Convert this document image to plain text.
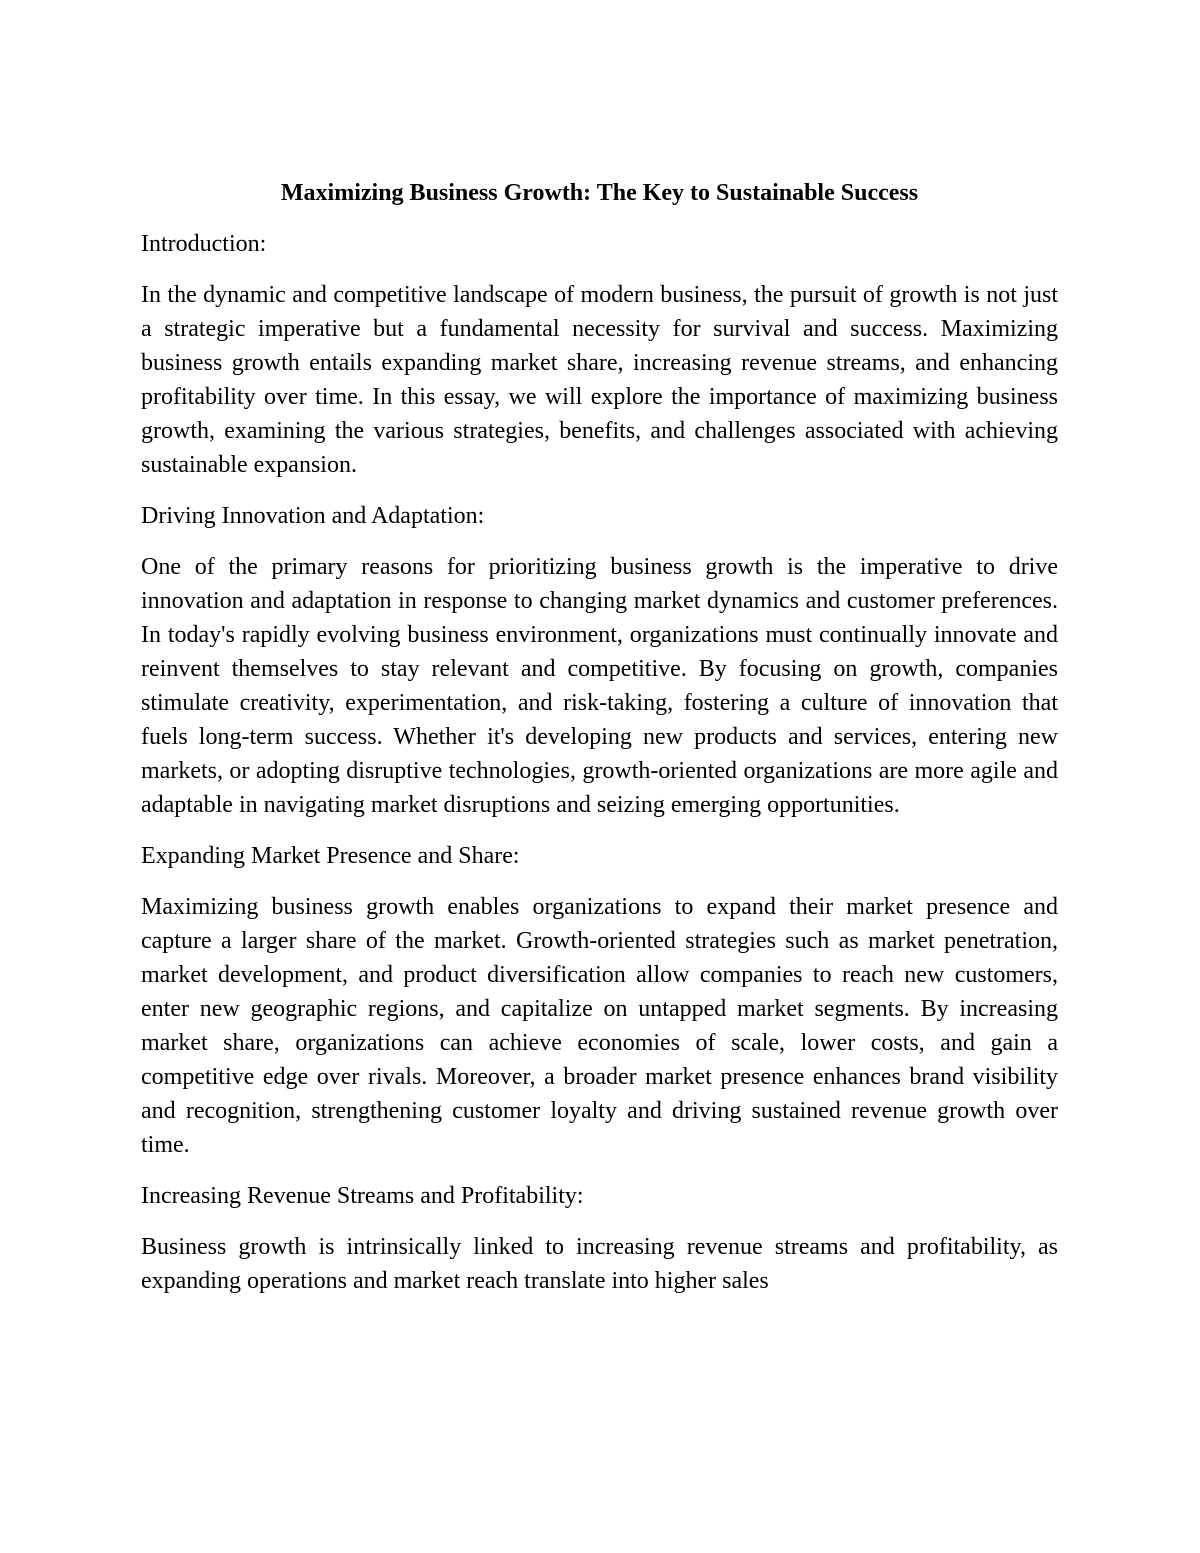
Maximizing Business Growth: The Key to Sustainable Success
Introduction:
In the dynamic and competitive landscape of modern business, the pursuit of growth is not just a strategic imperative but a fundamental necessity for survival and success. Maximizing business growth entails expanding market share, increasing revenue streams, and enhancing profitability over time. In this essay, we will explore the importance of maximizing business growth, examining the various strategies, benefits, and challenges associated with achieving sustainable expansion.
Driving Innovation and Adaptation:
One of the primary reasons for prioritizing business growth is the imperative to drive innovation and adaptation in response to changing market dynamics and customer preferences. In today's rapidly evolving business environment, organizations must continually innovate and reinvent themselves to stay relevant and competitive. By focusing on growth, companies stimulate creativity, experimentation, and risk-taking, fostering a culture of innovation that fuels long-term success. Whether it's developing new products and services, entering new markets, or adopting disruptive technologies, growth-oriented organizations are more agile and adaptable in navigating market disruptions and seizing emerging opportunities.
Expanding Market Presence and Share:
Maximizing business growth enables organizations to expand their market presence and capture a larger share of the market. Growth-oriented strategies such as market penetration, market development, and product diversification allow companies to reach new customers, enter new geographic regions, and capitalize on untapped market segments. By increasing market share, organizations can achieve economies of scale, lower costs, and gain a competitive edge over rivals. Moreover, a broader market presence enhances brand visibility and recognition, strengthening customer loyalty and driving sustained revenue growth over time.
Increasing Revenue Streams and Profitability:
Business growth is intrinsically linked to increasing revenue streams and profitability, as expanding operations and market reach translate into higher sales
